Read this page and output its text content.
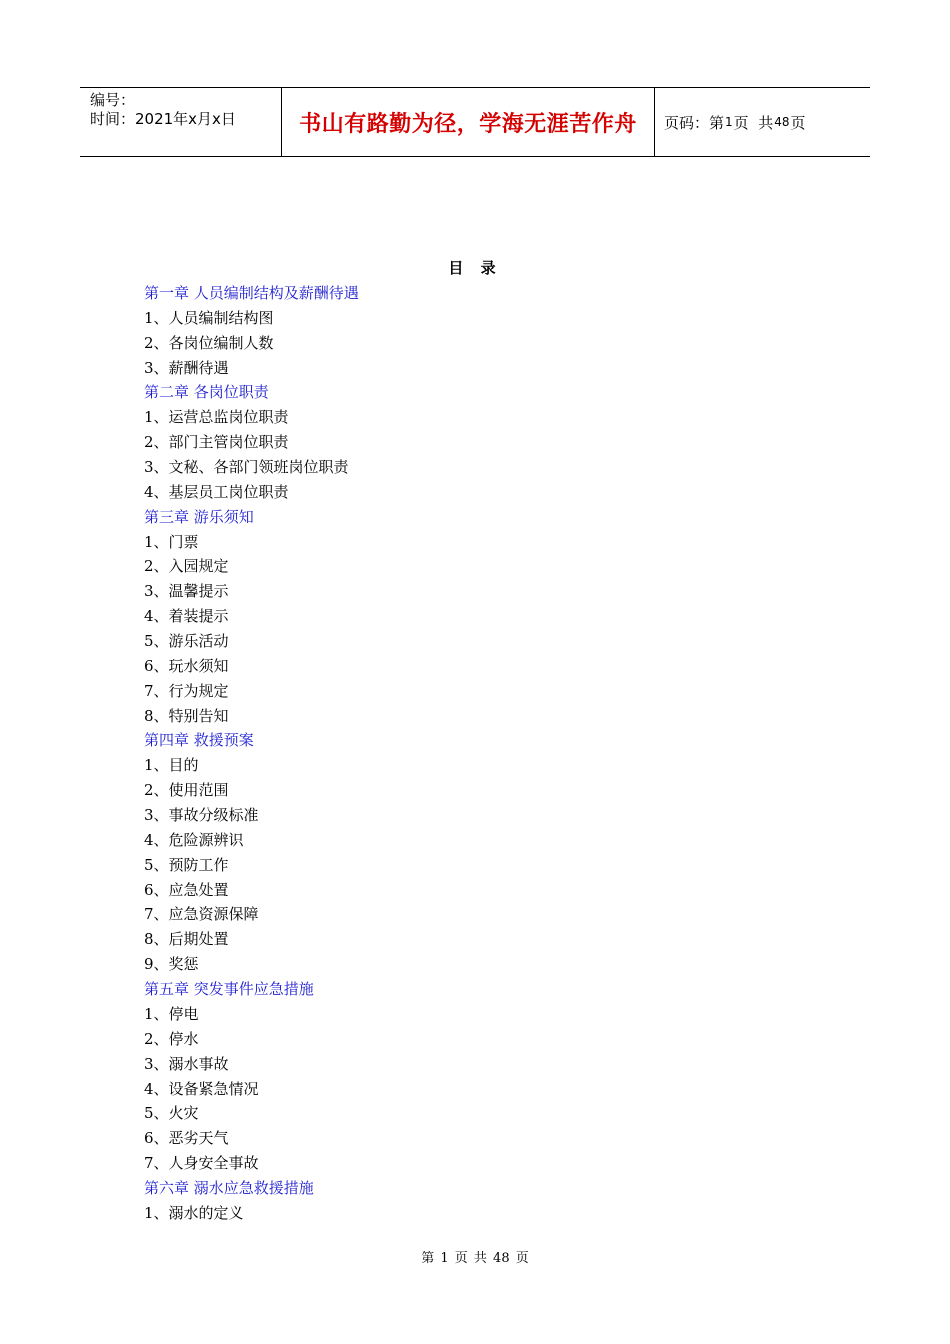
编号：
时间：2021年x月x日	书山有路勤为径，学海无涯苦作舟 页码：第 1 页  共 48 页
目 录
第一章 人员编制结构及薪酬待遇
1、人员编制结构图
2、各岗位编制人数
3、薪酬待遇
第二章 各岗位职责
1、运营总监岗位职责
2、部门主管岗位职责
3、文秘、各部门领班岗位职责
4、基层员工岗位职责
第三章 游乐须知
1、门票
2、入园规定
3、温馨提示
4、着装提示
5、游乐活动
6、玩水须知
7、行为规定
8、特别告知
第四章 救援预案
1、目的
2、使用范围
3、事故分级标准
4、危险源辨识
5、预防工作
6、应急处置
7、应急资源保障
8、后期处置
9、奖惩
第五章 突发事件应急措施
1、停电
2、停水
3、溺水事故
4、设备紧急情况
5、火灾
6、恶劣天气
7、人身安全事故
第六章 溺水应急救援措施
1、溺水的定义
第 1 页 共 48 页
